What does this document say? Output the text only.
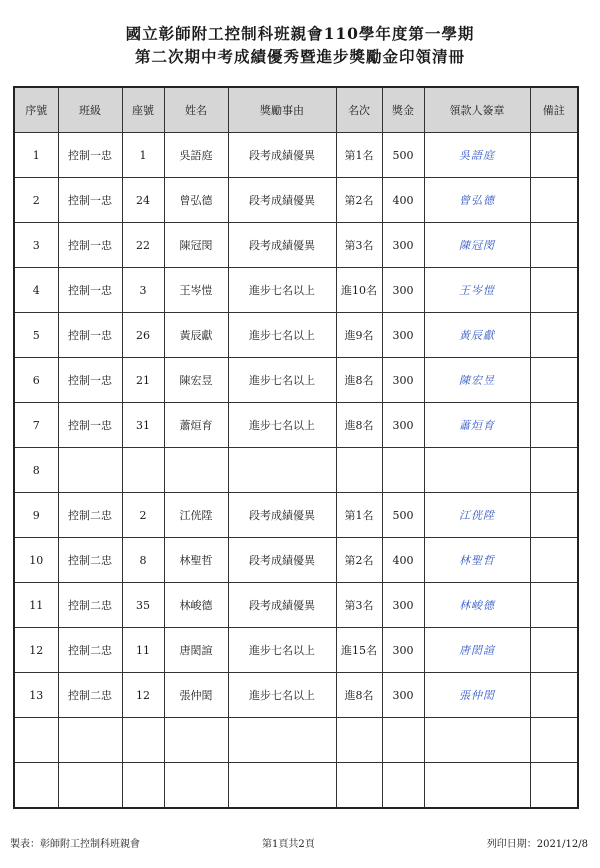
國立彰師附工控制科班親會110學年度第一學期
第二次期中考成績優秀暨進步獎勵金印領清冊
序號	班級	座號	姓名	獎勵事由	名次	獎金	領款人簽章	備註
1	控制一忠	1	吳語庭	段考成績優異	第1名	500	吳語庭	
2	控制一忠	24	曾弘德	段考成績優異	第2名	400	曾弘德	
3	控制一忠	22	陳冠閔	段考成績優異	第3名	300	陳冠閔	
4	控制一忠	3	王岑愷	進步七名以上	進10名	300	王岑愷	
5	控制一忠	26	黃辰獻	進步七名以上	進9名	300	黃辰獻	
6	控制一忠	21	陳宏昱	進步七名以上	進8名	300	陳宏昱	
7	控制一忠	31	蕭烜育	進步七名以上	進8名	300	蕭烜育	
8								
9	控制二忠	2	江侊陞	段考成績優異	第1名	500	江侊陞	
10	控制二忠	8	林聖哲	段考成績優異	第2名	400	林聖哲	
11	控制二忠	35	林峻德	段考成績優異	第3名	300	林峻德	
12	控制二忠	11	唐閎諠	進步七名以上	進15名	300	唐閎諠	
13	控制二忠	12	張仲閎	進步七名以上	進8名	300	張仲閎	

製表：彰師附工控制科班親會	第1頁共2頁	列印日期：2021/12/8
